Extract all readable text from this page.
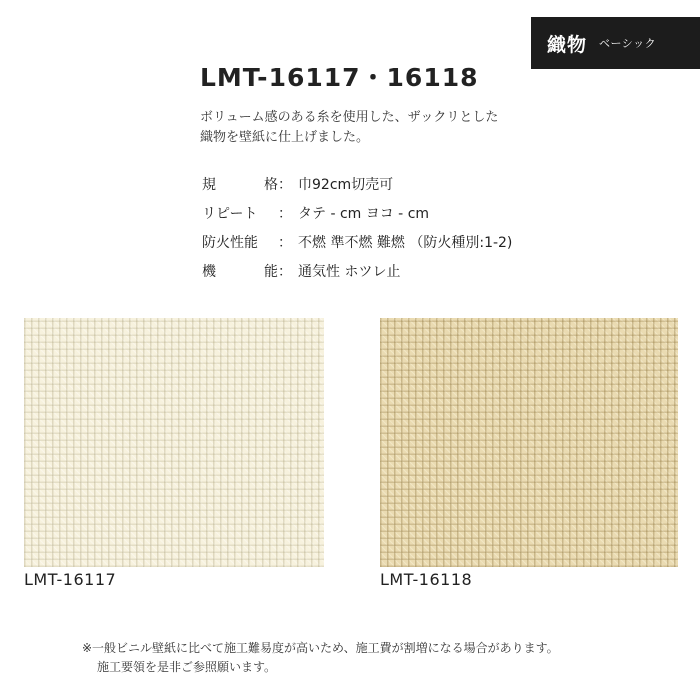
織物 ベーシック
LMT-16117・16118
ボリューム感のある糸を使用した、ザックリとした
織物を壁紙に仕上げました。
規	格 ： 巾92cm切売可
リピート ： タテ - cm ヨコ - cm
防火性能 ： 不燃 準不燃 難燃 （防火種別:1-2)
機	能 ： 通気性 ホツレ止
LMT-16117	LMT-16118
※一般ビニル壁紙に比べて施工難易度が高いため、施工費が割増になる場合があります。
施工要領を是非ご参照願います。
